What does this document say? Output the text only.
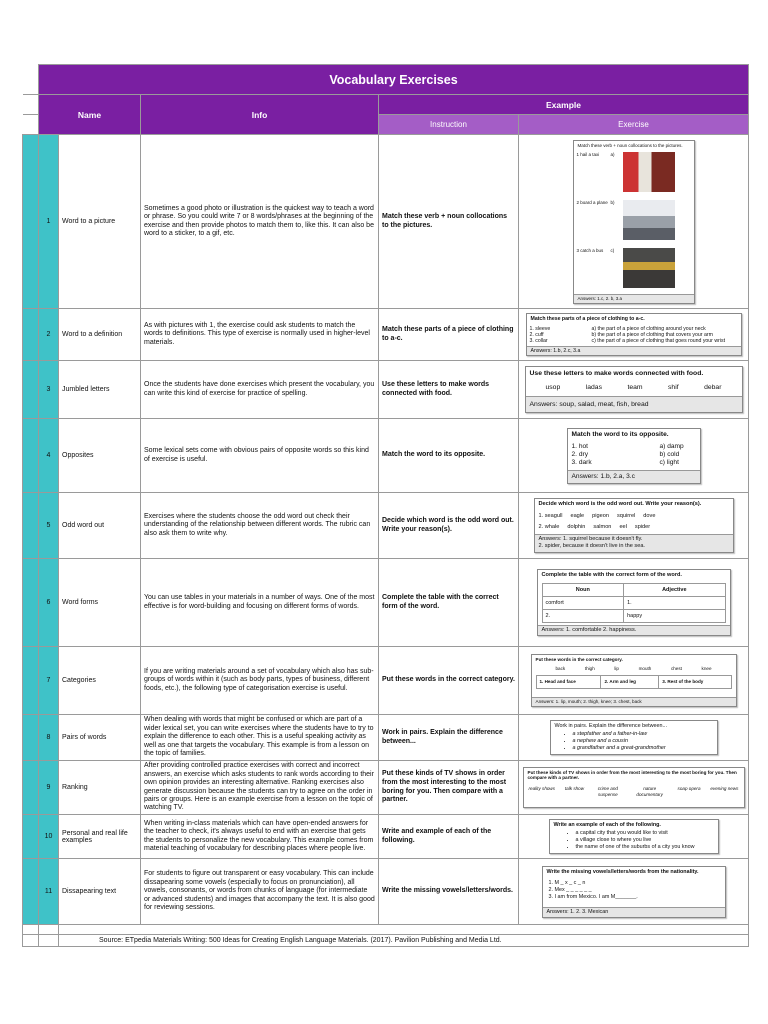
	Vocabulary Exercises
	Name	Info	Example
	Instruction	Exercise
	1	Word to a picture	Sometimes a good photo or illustration is the quickest way to teach a word or phrase. So you could write 7 or 8 words/phrases at the beginning of the exercise and then provide photos to match them to, like this. It can also be word to a sticker, to a gif, etc.	Match these verb + noun collocations to the pictures.	
Match these verb + noun collocations to the pictures.
1 hail a taxi	a)
2 board a plane b)
3 catch a bus	c)
Answers: 1.c, 2. b, 3.a

	2	Word to a definition	As with pictures with 1, the exercise could ask students to match the words to definitions. This type of exercise is normally used in higher-level materials.	Match these parts of a piece of clothing to a-c.	
Match these parts of a piece of clothing to a-c.
1. sleeve
2. cuff
3. collar
a) the part of a piece of clothing around your neck
b) the part of a piece of clothing that covers your arm
c) the part of a piece of clothing that goes round your wrist
Answers: 1.b, 2.c, 3.a

	3	Jumbled letters	Once the students have done exercises which present the vocabulary, you can write this kind of exercise for practice of spelling.	Use these letters to make words connected with food.	
Use these letters to make words connected with food.
usop	ladas	team	shif	debar
Answers: soup, salad, meat, fish, bread

	4	Opposites	Some lexical sets come with obvious pairs of opposite words so this kind of exercise is useful.	Match the word to its opposite.	
Match the word to its opposite.
1. hot
2. dry
3. dark
a) damp
b) cold
c) light
Answers: 1.b, 2.a, 3.c

	5	Odd word out	Exercises where the students choose the odd word out check their understanding of the relationship between different words. The rubric can also ask them to write why.	Decide which word is the odd word out. Write your reason(s).	
Decide which word is the odd word out. Write your reason(s).
1. seagull eagle pigeon squirrel dove
2. whale dolphin salmon eel spider
Answers: 1. squirrel because it doesn't fly.
2. spider, because it doesn't live in the sea.

	6	Word forms	You can use tables in your materials in a number of ways. One of the most effective is for word-building and focusing on different forms of words.	Complete the table with the correct form of the word.	
Complete the table with the correct form of the word.
Noun	Adjective
comfort	1.
2.	happy
Answers: 1. comfortable 2. happiness.

	7	Categories	If you are writing materials around a set of vocabulary which also has sub-groups of words within it (such as body parts, types of business, different foods, etc.), the following type of categorisation exercise is useful.	Put these words in the correct category.	
Put these words in the correct category.
back	thigh	lip	mouth	chest	knee
1. Head and face	2. Arm and leg	3. Rest of the body
Answers: 1. lip, mouth; 2. thigh, knee; 3. chest, back

	8	Pairs of words	When dealing with words that might be confused or which are part of a wider lexical set, you can write exercises where the students have to try to explain the difference to each other. This is a useful speaking activity as well as one that targets the vocabulary. This example is from a lesson on the topic of families.	Work in pairs. Explain the difference between...	
Work in pairs. Explain the difference between...
• a stepfather and a father-in-law
• a nephew and a cousin
• a grandfather and a great-grandmother

	9	Ranking	After providing controlled practice exercises with correct and incorrect answers, an exercise which asks students to rank words according to their own opinion provides an interesting alternative. Ranking exercises also generate discussion because the students can try to agree on the order in pairs or groups. Here is an example exercise from a lesson on the topic of watching TV.	Put these kinds of TV shows in order from the most interesting to the most boring for you. Then compare with a partner.	
Put these kinds of TV shows in order from the most interesting to the most boring for you. Then compare with a partner.
reality shows talk show	crime and suspense
nature documentary
soap opera evening news

	10	Personal and real life examples	When writing in-class materials which can have open-ended answers for the teacher to check, it's always useful to end with an exercise that gets the students to personalize the new vocabulary. This example comes from material teaching of vocabulary for describing places where people live.	Write and example of each of the following.	
Write an example of each of the following.
• a capital city that you would like to visit
• a village close to where you live
• the name of one of the suburbs of a city you know

	11	Dissapearing text	For students to figure out transparent or easy vocabulary. This can include dissapearing some vowels (especially to focus on pronunciation), all vowels, consonants, or words from chunks of language (for intermediate or advanced students) and images that accompany the text. It is also good for reviewing sessions.	Write the missing vowels/letters/words.	
Write the missing vowels/letters/words from the nationality.
1. M _ x _ c _ n
2. Mex _ _ _ _ _ _
3. I am from Mexico. I am M_______.
Answers: 1. 2. 3. Mexican

		Source: ETpedia Materials Writing: 500 Ideas for Creating English Language Materials. (2017). Pavilion Publishing and Media Ltd.
